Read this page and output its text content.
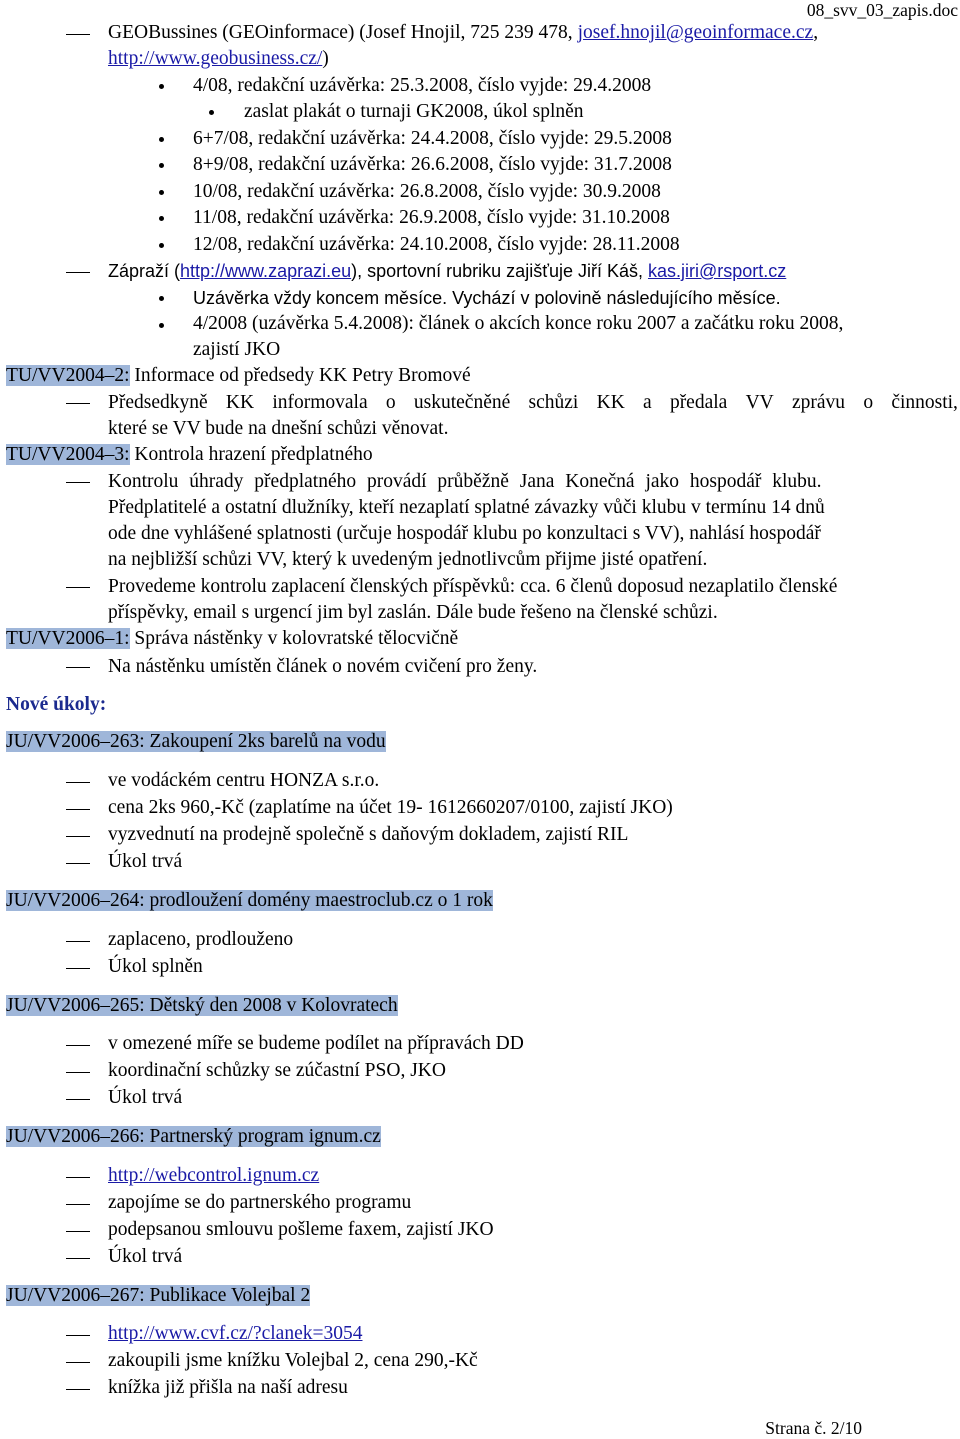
08_svv_03_zapis.doc
GEOBussines (GEOinformace) (Josef Hnojil, 725 239 478, josef.hnojil@geoinformace.cz,
http://www.geobusiness.cz/)
4/08, redakční uzávěrka: 25.3.2008, číslo vyjde: 29.4.2008
zaslat plakát o turnaji GK2008, úkol splněn
6+7/08, redakční uzávěrka: 24.4.2008, číslo vyjde: 29.5.2008
8+9/08, redakční uzávěrka: 26.6.2008, číslo vyjde: 31.7.2008
10/08, redakční uzávěrka: 26.8.2008, číslo vyjde: 30.9.2008
11/08, redakční uzávěrka: 26.9.2008, číslo vyjde: 31.10.2008
12/08, redakční uzávěrka: 24.10.2008, číslo vyjde: 28.11.2008
Zápraží (http://www.zaprazi.eu), sportovní rubriku zajišťuje Jiří Káš, kas.jiri@rsport.cz
Uzávěrka vždy koncem měsíce. Vychází v polovině následujícího měsíce.
4/2008 (uzávěrka 5.4.2008): článek o akcích konce roku 2007 a začátku roku 2008,
zajistí JKO
TU/VV2004–2: Informace od předsedy KK Petry Bromové
Předsedkyně KK informovala o uskutečněné schůzi KK a předala VV zprávu o činnosti,
které se VV bude na dnešní schůzi věnovat.
TU/VV2004–3: Kontrola hrazení předplatného
Kontrolu úhrady předplatného provádí průběžně Jana Konečná jako hospodář klubu.
Předplatitelé a ostatní dlužníky, kteří nezaplatí splatné závazky vůči klubu v termínu 14 dnů
ode dne vyhlášené splatnosti (určuje hospodář klubu po konzultaci s VV), nahlásí hospodář
na nejbližší schůzi VV, který k uvedeným jednotlivcům přijme jisté opatření.
Provedeme kontrolu zaplacení členských příspěvků: cca. 6 členů doposud nezaplatilo členské
příspěvky, email s urgencí jim byl zaslán. Dále bude řešeno na členské schůzi.
TU/VV2006–1: Správa nástěnky v kolovratské tělocvičně
Na nástěnku umístěn článek o novém cvičení pro ženy.
Nové úkoly:
JU/VV2006–263: Zakoupení 2ks barelů na vodu
ve vodáckém centru HONZA s.r.o.
cena 2ks 960,-Kč (zaplatíme na účet 19- 1612660207/0100, zajistí JKO)
vyzvednutí na prodejně společně s daňovým dokladem, zajistí RIL
Úkol trvá
JU/VV2006–264: prodloužení domény maestroclub.cz o 1 rok
zaplaceno, prodlouženo
Úkol splněn
JU/VV2006–265: Dětský den 2008 v Kolovratech
v omezené míře se budeme podílet na přípravách DD
koordinační schůzky se zúčastní PSO, JKO
Úkol trvá
JU/VV2006–266: Partnerský program ignum.cz
http://webcontrol.ignum.cz
zapojíme se do partnerského programu
podepsanou smlouvu pošleme faxem, zajistí JKO
Úkol trvá
JU/VV2006–267: Publikace Volejbal 2
http://www.cvf.cz/?clanek=3054
zakoupili jsme knížku Volejbal 2, cena 290,-Kč
knížka již přišla na naší adresu
Strana č. 2/10
